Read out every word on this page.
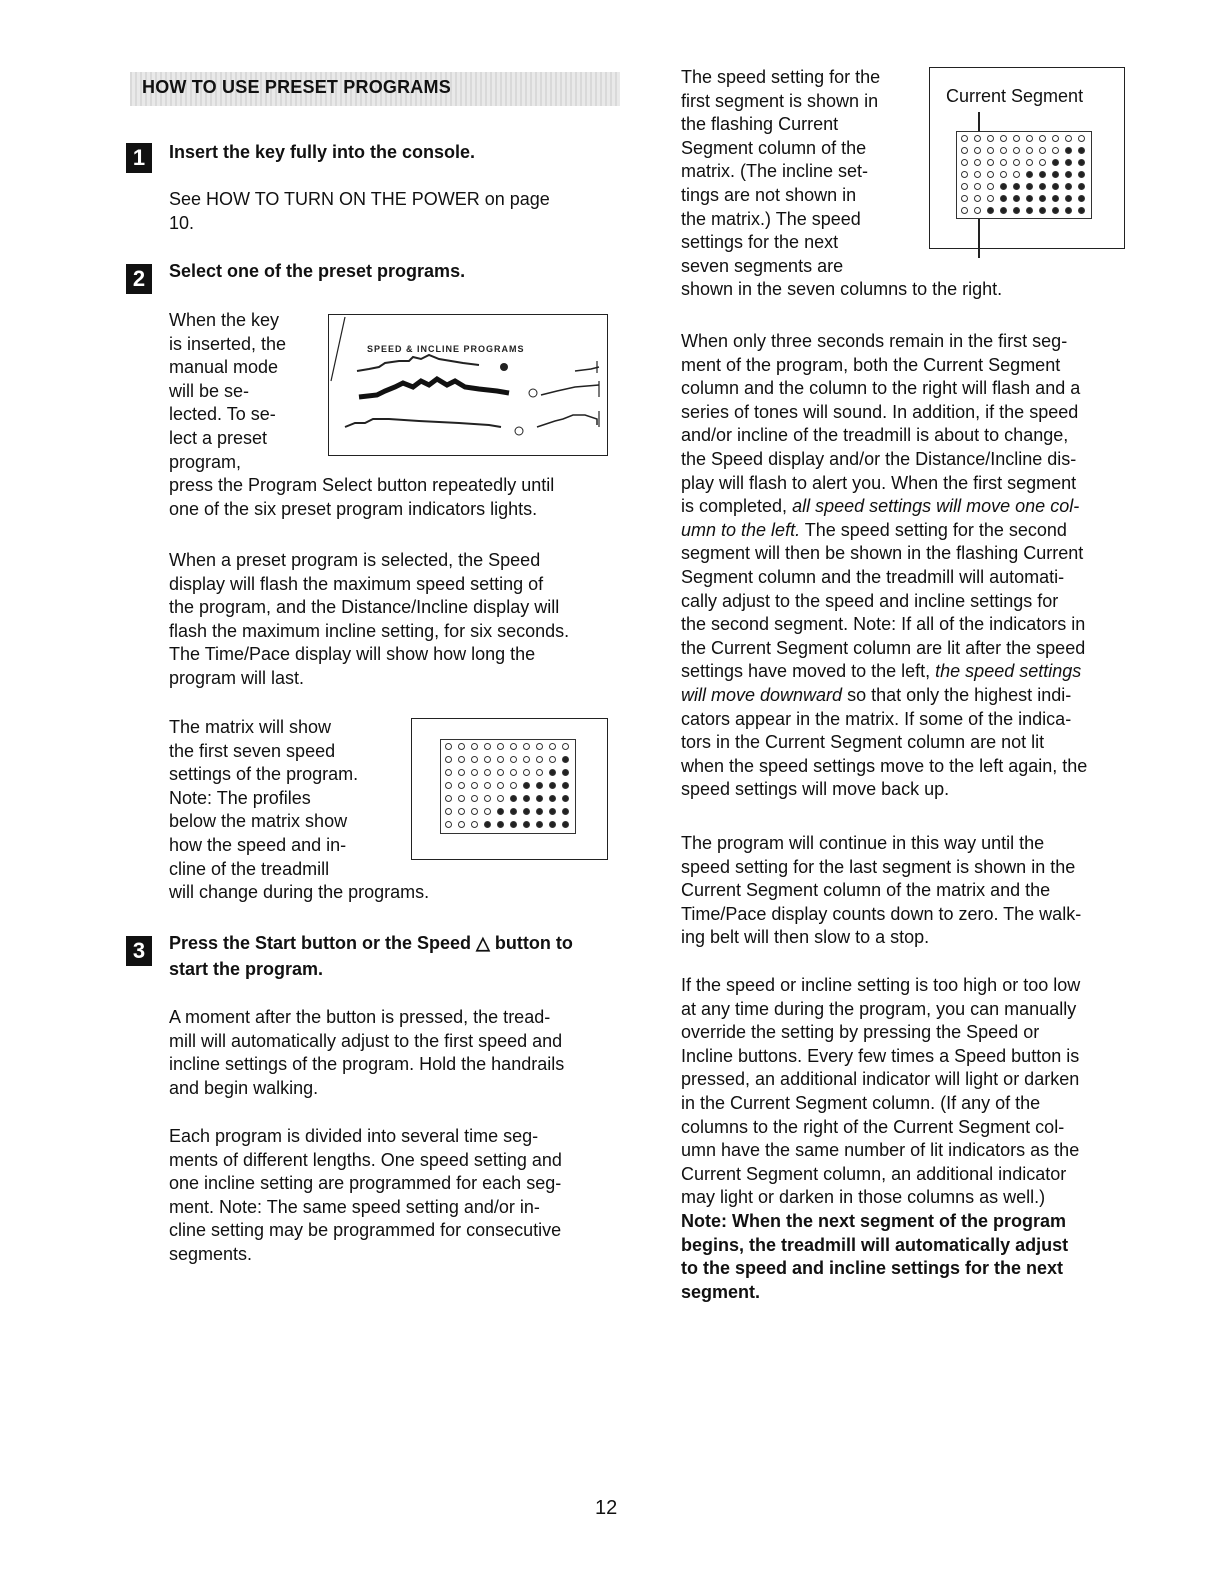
HOW TO USE PRESET PROGRAMS
1	Insert the key fully into the console.

See HOW TO TURN ON THE POWER on page

10.

2	Select one of the preset programs.

When the key

is inserted, the

manual mode

will be se-

lected. To se-

lect a preset

program,

press the Program Select button repeatedly until

one of the six preset program indicators lights.

SPEED & INCLINE PROGRAMS

When a preset program is selected, the Speed

display will flash the maximum speed setting of

the program, and the Distance/Incline display will

flash the maximum incline setting, for six seconds.

The Time/Pace display will show how long the

program will last.

The matrix will show

the first seven speed

settings of the program.

Note: The profiles

below the matrix show

how the speed and in-

cline of the treadmill

will change during the programs.

3	Press the Start button or the Speed △ button to
start the program.

A moment after the button is pressed, the tread-

mill will automatically adjust to the first speed and

incline settings of the program. Hold the handrails

and begin walking.

Each program is divided into several time seg-

ments of different lengths. One speed setting and

one incline setting are programmed for each seg-

ment. Note: The same speed setting and/or in-

cline setting may be programmed for consecutive

segments.

The speed setting for the

first segment is shown in

the flashing Current

Segment column of the

matrix. (The incline set-

tings are not shown in

the matrix.) The speed

settings for the next

seven segments are

shown in the seven columns to the right.

Current Segment

When only three seconds remain in the first seg-

ment of the program, both the Current Segment

column and the column to the right will flash and a

series of tones will sound. In addition, if the speed

and/or incline of the treadmill is about to change,

the Speed display and/or the Distance/Incline dis-

play will flash to alert you. When the first segment

is completed, all speed settings will move one col-

umn to the left. The speed setting for the second

segment will then be shown in the flashing Current

Segment column and the treadmill will automati-

cally adjust to the speed and incline settings for

the second segment. Note: If all of the indicators in

the Current Segment column are lit after the speed

settings have moved to the left, the speed settings

will move downward so that only the highest indi-

cators appear in the matrix. If some of the indica-

tors in the Current Segment column are not lit

when the speed settings move to the left again, the

speed settings will move back up.

The program will continue in this way until the

speed setting for the last segment is shown in the

Current Segment column of the matrix and the

Time/Pace display counts down to zero. The walk-

ing belt will then slow to a stop.

If the speed or incline setting is too high or too low

at any time during the program, you can manually

override the setting by pressing the Speed or

Incline buttons. Every few times a Speed button is

pressed, an additional indicator will light or darken

in the Current Segment column. (If any of the

columns to the right of the Current Segment col-

umn have the same number of lit indicators as the

Current Segment column, an additional indicator

may light or darken in those columns as well.)

Note: When the next segment of the program

begins, the treadmill will automatically adjust

to the speed and incline settings for the next

segment.

12
